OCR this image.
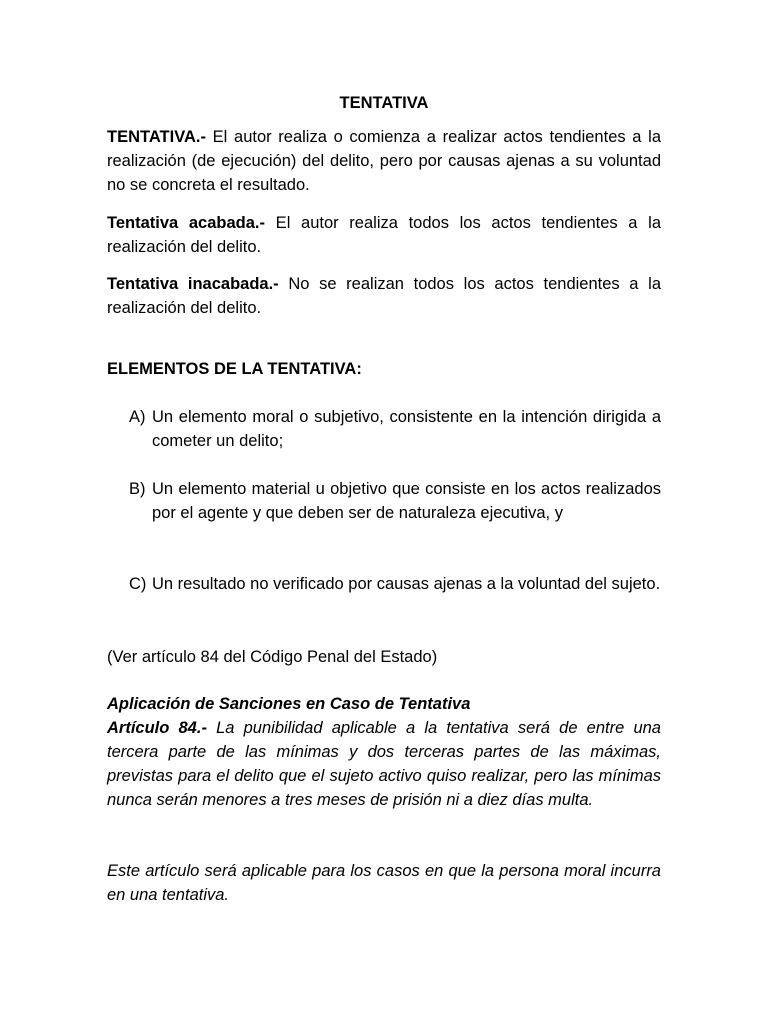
TENTATIVA

TENTATIVA.- El autor realiza o comienza a realizar actos tendientes a la realización (de ejecución) del delito, pero por causas ajenas a su voluntad no se concreta el resultado.

Tentativa acabada.- El autor realiza todos los actos tendientes a la realización del delito.

Tentativa inacabada.- No se realizan todos los actos tendientes a la realización del delito.

ELEMENTOS DE LA TENTATIVA:

A) Un elemento moral o subjetivo, consistente en la intención dirigida a cometer un delito;
B) Un elemento material u objetivo que consiste en los actos realizados por el agente y que deben ser de naturaleza ejecutiva, y
C) Un resultado no verificado por causas ajenas a la voluntad del sujeto.

(Ver artículo 84 del Código Penal del Estado)

Aplicación de Sanciones en Caso de Tentativa

Artículo 84.- La punibilidad aplicable a la tentativa será de entre una tercera parte de las mínimas y dos terceras partes de las máximas, previstas para el delito que el sujeto activo quiso realizar, pero las mínimas nunca serán menores a tres meses de prisión ni a diez días multa.

Este artículo será aplicable para los casos en que la persona moral incurra en una tentativa.
